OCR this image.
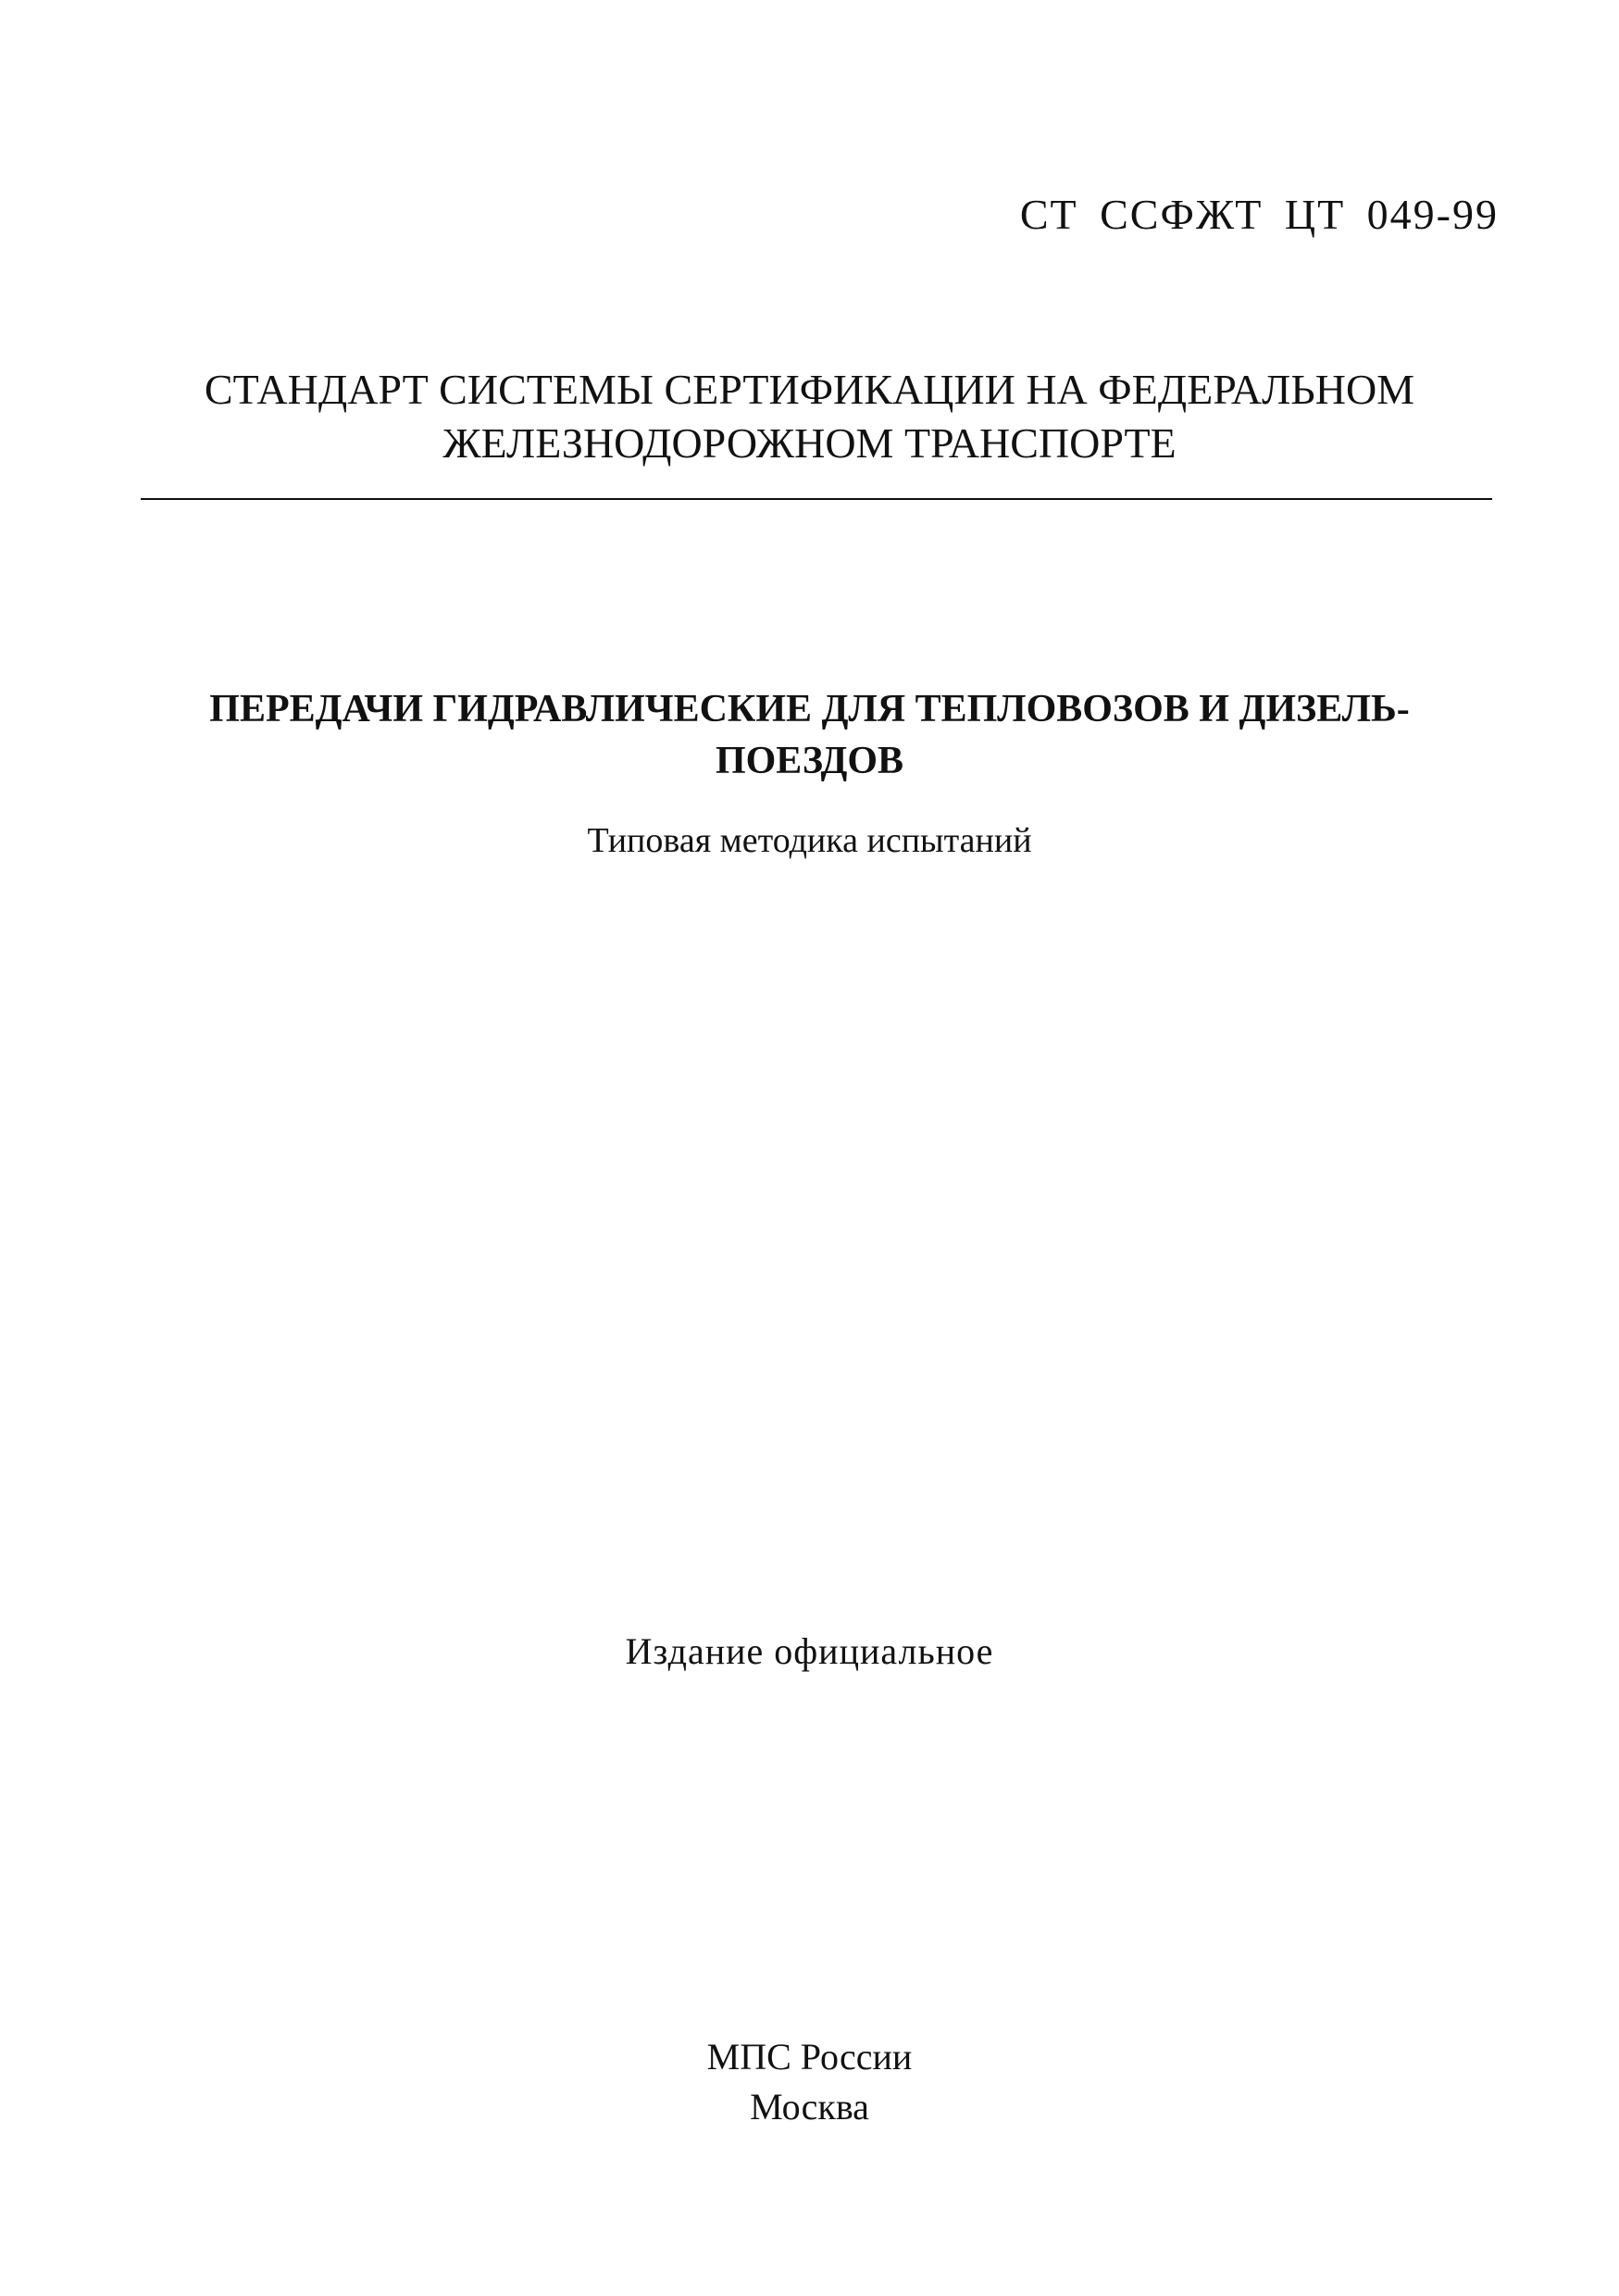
СТ ССФЖТ ЦТ 049-99
СТАНДАРТ СИСТЕМЫ СЕРТИФИКАЦИИ НА ФЕДЕРАЛЬНОМ
ЖЕЛЕЗНОДОРОЖНОМ ТРАНСПОРТЕ
ПЕРЕДАЧИ ГИДРАВЛИЧЕСКИЕ ДЛЯ ТЕПЛОВОЗОВ И ДИЗЕЛЬ-
ПОЕЗДОВ
Типовая методика испытаний
Издание официальное
МПС России
Москва
